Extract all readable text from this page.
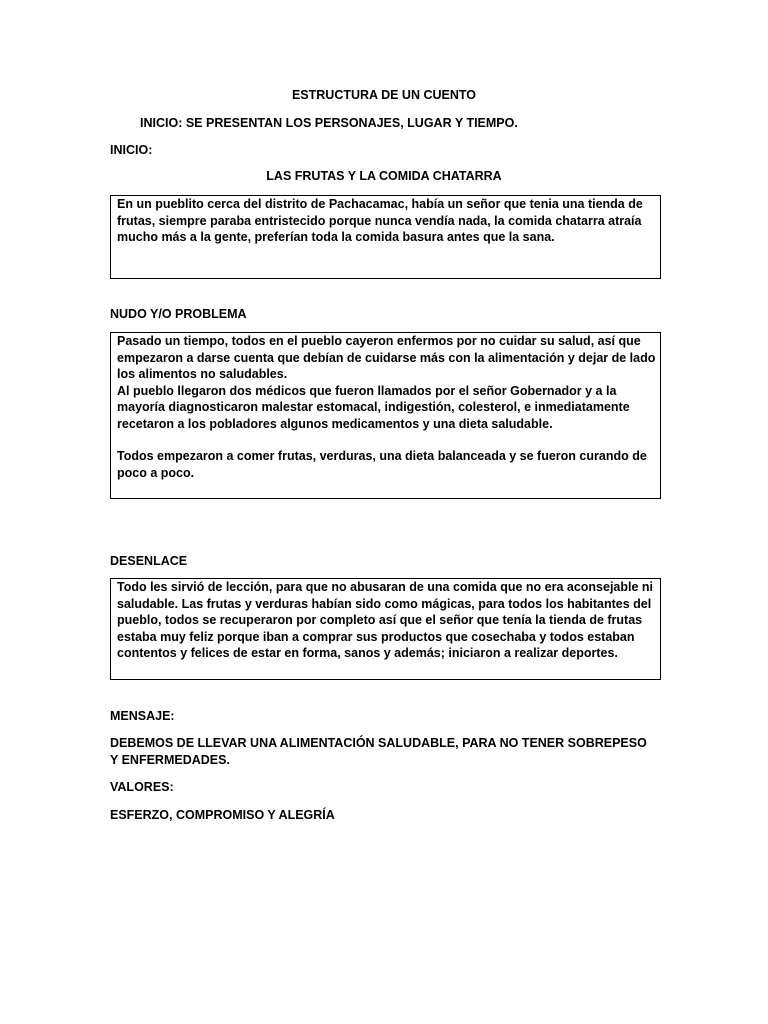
ESTRUCTURA DE UN CUENTO
INICIO: SE PRESENTAN LOS PERSONAJES, LUGAR Y TIEMPO.
INICIO:
LAS FRUTAS Y LA COMIDA CHATARRA

En un pueblito cerca del distrito de Pachacamac, había un señor que tenia una tienda de frutas, siempre paraba entristecido porque nunca vendía nada, la comida chatarra atraía mucho más a la gente, preferían toda la comida basura antes que la sana.

NUDO Y/O PROBLEMA

Pasado un tiempo, todos en el pueblo cayeron enfermos por no cuidar su salud, así que empezaron a darse cuenta que debían de cuidarse más con la alimentación y dejar de lado los alimentos no saludables.

Al pueblo llegaron dos médicos que fueron llamados por el señor Gobernador y a la mayoría diagnosticaron malestar estomacal, indigestión, colesterol, e inmediatamente recetaron a los pobladores algunos medicamentos y una dieta saludable.

Todos empezaron a comer frutas, verduras, una dieta balanceada y se fueron curando de poco a poco.

DESENLACE

Todo les sirvió de lección, para que no abusaran de una comida que no era aconsejable ni saludable. Las frutas y verduras habían sido como mágicas, para todos los habitantes del pueblo, todos se recuperaron por completo así que el señor que tenía la tienda de frutas estaba muy feliz porque iban a comprar sus productos que cosechaba y todos estaban contentos y felices de estar en forma, sanos y además; iniciaron a realizar deportes.

MENSAJE:
DEBEMOS DE LLEVAR UNA ALIMENTACIÓN SALUDABLE, PARA NO TENER SOBREPESO Y ENFERMEDADES.
VALORES:
ESFERZO, COMPROMISO Y ALEGRÍA
